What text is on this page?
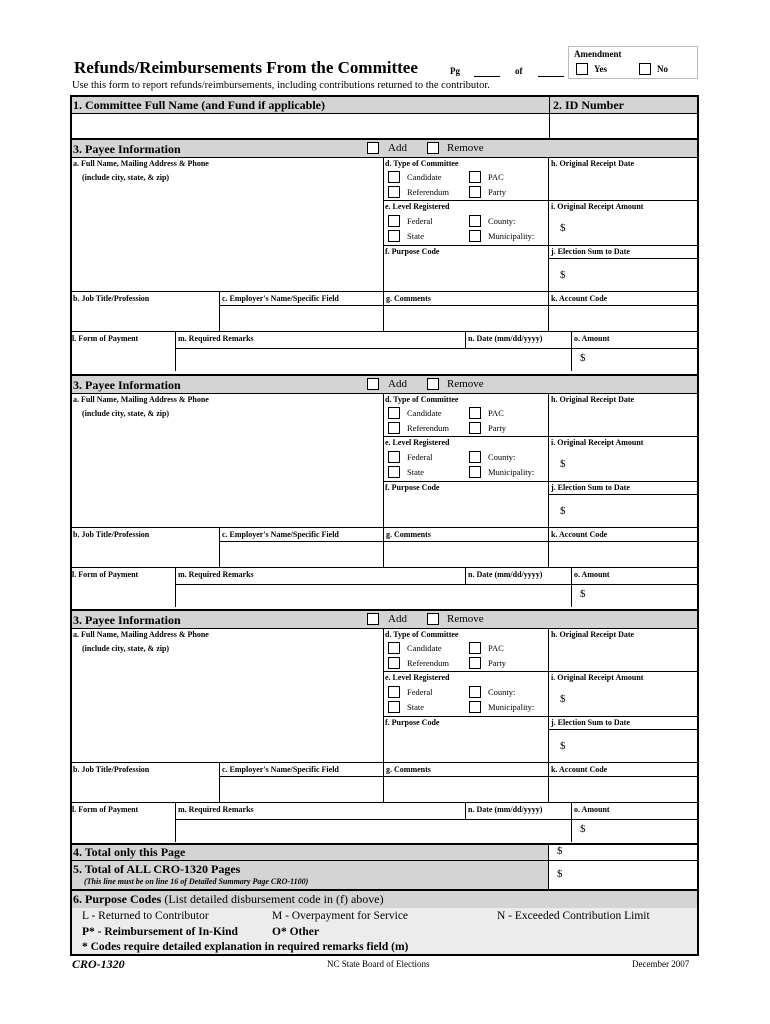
Refunds/Reimbursements From the Committee	Pg	of
Amendment
Yes	No
Use this form to report refunds/reimbursements, including contributions returned to the contributor.
1. Committee Full Name (and Fund if applicable)	2. ID Number
3. Payee Information	Add	Remove
a. Full Name, Mailing Address & Phone
(include city, state, & zip)
d. Type of Committee
Candidate	PAC
Referendum	Party
e. Level Registered
Federal	County:
State	Municipality:
f. Purpose Code
h. Original Receipt Date
i. Original Receipt Amount
$
j. Election Sum to Date
$
b. Job Title/Profession	c. Employer's Name/Specific Field	g. Comments	k. Account Code
l. Form of Payment	m. Required Remarks	n. Date (mm/dd/yyyy)	o. Amount
$
3. Payee Information	Add	Remove
a. Full Name, Mailing Address & Phone
(include city, state, & zip)
d. Type of Committee
Candidate	PAC
Referendum	Party
e. Level Registered
Federal	County:
State	Municipality:
f. Purpose Code
h. Original Receipt Date
i. Original Receipt Amount
$
j. Election Sum to Date
$
b. Job Title/Profession	c. Employer's Name/Specific Field	g. Comments	k. Account Code
l. Form of Payment	m. Required Remarks	n. Date (mm/dd/yyyy)	o. Amount
$
3. Payee Information	Add	Remove
a. Full Name, Mailing Address & Phone
(include city, state, & zip)
d. Type of Committee
Candidate	PAC
Referendum	Party
e. Level Registered
Federal	County:
State	Municipality:
f. Purpose Code
h. Original Receipt Date
i. Original Receipt Amount
$
j. Election Sum to Date
$
b. Job Title/Profession	c. Employer's Name/Specific Field	g. Comments	k. Account Code
l. Form of Payment	m. Required Remarks	n. Date (mm/dd/yyyy)	o. Amount
$
4. Total only this Page	$
5. Total of ALL CRO-1320 Pages
(This line must be on line 16 of Detailed Summary Page CRO-1100)
$
6. Purpose Codes (List detailed disbursement code in (f) above)
L - Returned to Contributor	M - Overpayment for Service	N - Exceeded Contribution Limit
P* - Reimbursement of In-Kind	O* Other
* Codes require detailed explanation in required remarks field (m)
CRO-1320	NC State Board of Elections	December 2007
